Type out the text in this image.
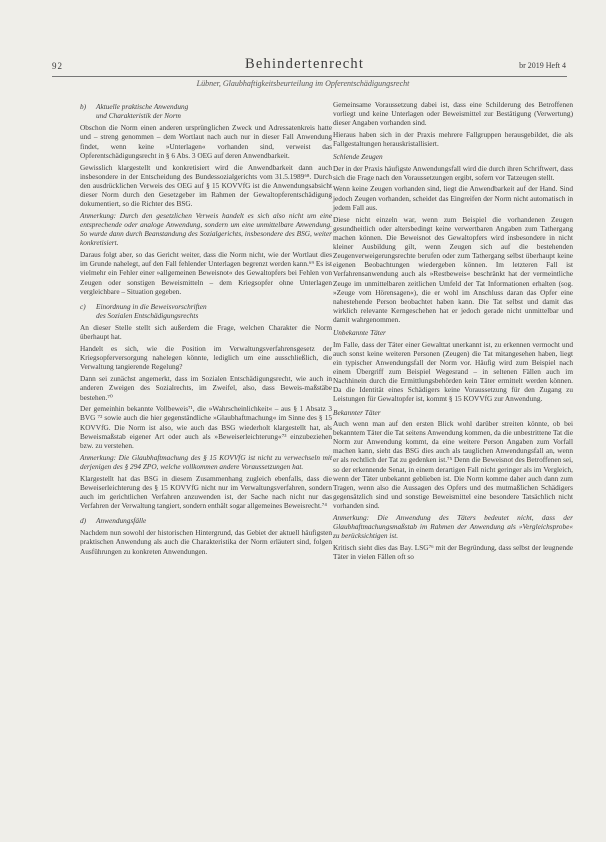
92	Behindertenrecht	br 2019 Heft 4
Lübner, Glaubhaftigkeitsbeurteilung im Opferentschädigungsrecht
b) Aktuelle praktische Anwendung
und Charakteristik der Norm

Obschon die Norm einen anderen ursprünglichen Zweck und Adressatenkreis hatte und – streng genommen – dem Wortlaut nach auch nur in dieser Fall Anwendung findet, wenn keine »Unterlagen« vorhanden sind, verweist das Opferentschädigungsrecht in § 6 Abs. 3 OEG auf deren Anwendbarkeit.

Gewisslich klargestellt und konkretisiert wird die Anwendbarkeit dann auch insbesondere in der Entscheidung des Bundessozialgerichts vom 31.5.1989⁶⁸. Durch den ausdrücklichen Verweis des OEG auf § 15 KOVVfG ist die Anwendungsabsicht dieser Norm durch den Gesetzgeber im Rahmen der Gewaltopferentschädigung dokumentiert, so die Richter des BSG.

Anmerkung: Durch den gesetzlichen Verweis handelt es sich also nicht um eine entsprechende oder analoge Anwendung, sondern um eine unmittelbare Anwendung. So wurde dann durch Beanstandung des Sozialgerichts, insbesondere des BSG, weiter konkretisiert.

Daraus folgt aber, so das Gericht weiter, dass die Norm nicht, wie der Wortlaut dies im Grunde nahelegt, auf den Fall fehlender Unterlagen begrenzt werden kann.⁶⁹ Es ist vielmehr ein Fehler einer »allgemeinen Beweisnot« des Gewaltopfers bei Fehlen von Zeugen oder sonstigen Beweismitteln – dem Kriegsopfer ohne Unterlagen vergleichbare – Situation gegeben.

c) Einordnung in die Beweisvorschriften
des Sozialen Entschädigungsrechts

An dieser Stelle stellt sich außerdem die Frage, welchen Charakter die Norm überhaupt hat.

Handelt es sich, wie die Position im Verwaltungsverfahrensgesetz der Kriegsopferversorgung nahelegen könnte, lediglich um eine ausschließlich, die Verwaltung tangierende Regelung?

Dann sei zunächst angemerkt, dass im Sozialen Entschädigungsrecht, wie auch in anderen Zweigen des Sozialrechts, im Zweifel, also, dass Beweis-maßstäbe bestehen.⁷⁰

Der gemeinhin bekannte Vollbeweis⁷¹, die »Wahrscheinlichkeit« – aus § 1 Absatz 3 BVG ⁷² sowie auch die hier gegenständliche »Glaubhaftmachung« im Sinne des § 15 KOVVfG. Die Norm ist also, wie auch das BSG wiederholt klargestellt hat, als Beweismaßstab eigener Art oder auch als »Beweiserleichterung«⁷³ einzubeziehen bzw. zu verstehen.

Anmerkung: Die Glaubhaftmachung des § 15 KOVVfG ist nicht zu verwechseln mit derjenigen des § 294 ZPO, welche vollkommen andere Voraussetzungen hat.

Klargestellt hat das BSG in diesem Zusammenhang zugleich ebenfalls, dass die Beweiserleichterung des § 15 KOVVfG nicht nur im Verwaltungsverfahren, sondern auch im gerichtlichen Verfahren anzuwenden ist, der Sache nach nicht nur das Verfahren der Verwaltung tangiert, sondern enthält sogar allgemeines Beweisrecht.⁷⁴

d) Anwendungsfälle

Nachdem nun sowohl der historischen Hintergrund, das Gebiet der aktuell häufigsten praktischen Anwendung als auch die Charakteristika der Norm erläutert sind, folgen Ausführungen zu konkreten Anwendungen.

Gemeinsame Voraussetzung dabei ist, dass eine Schilderung des Betroffenen vorliegt und keine Unterlagen oder Beweismittel zur Bestätigung (Verwertung) dieser Angaben vorhanden sind.

Hieraus haben sich in der Praxis mehrere Fallgruppen herausgebildet, die als Fallgestaltungen herauskristallisiert.

Schlende Zeugen

Der in der Praxis häufigste Anwendungsfall wird die durch ihren Schriftwert, dass sich die Frage nach den Voraussetzungen ergibt, sofern vor Tatzeugen stellt.

Wenn keine Zeugen vorhanden sind, liegt die Anwendbarkeit auf der Hand. Sind jedoch Zeugen vorhanden, scheidet das Eingreifen der Norm nicht automatisch in jedem Fall aus.

Diese nicht einzeln war, wenn zum Beispiel die vorhandenen Zeugen gesundheitlich oder altersbedingt keine verwertbaren Angaben zum Tathergang machen können. Die Beweisnot des Gewaltopfers wird insbesondere in nicht kleiner Ausbildung gilt, wenn Zeugen sich auf die bestehenden Zeugenverweigerungsrechte berufen oder zum Tathergang selbst überhaupt keine eigenen Beobachtungen wiedergeben können. Im letzteren Fall ist Verfahrensanwendung auch als »Restbeweis« beschränkt hat der vermeintliche Zeuge im unmittelbaren zeitlichen Umfeld der Tat Informationen erhalten (sog. »Zeuge vom Hörensagen«), die er wohl im Anschluss daran das Opfer eine nahestehende Person beobachtet haben kann. Die Tat selbst und damit das wirklich relevante Kerngeschehen hat er jedoch gerade nicht unmittelbar und damit wahrgenommen.

Unbekannte Täter

Im Falle, dass der Täter einer Gewalttat unerkannt ist, zu erkennen vermocht und auch sonst keine weiteren Personen (Zeugen) die Tat mitangesehen haben, liegt ein typischer Anwendungsfall der Norm vor. Häufig wird zum Beispiel nach einem Übergriff zum Beispiel Wegesrand – in seltenen Fällen auch im Nachhinein durch die Ermittlungsbehörden kein Täter ermittelt werden können. Da die Identität eines Schädigers keine Voraussetzung für den Zugang zu Leistungen für Gewaltopfer ist, kommt § 15 KOVVfG zur Anwendung.

Bekannter Täter

Auch wenn man auf den ersten Blick wohl darüber streiten könnte, ob bei bekanntem Täter die Tat seitens Anwendung kommen, da die unbestrittene Tat die Norm zur Anwendung kommt, da eine weitere Person Angaben zum Vorfall machen kann, sieht das BSG dies auch als tauglichen Anwendungsfall an, wenn er als rechtlich der Tat zu gedenken ist.⁷⁵ Denn die Beweisnot des Betroffenen sei, so der erkennende Senat, in einem derartigen Fall nicht geringer als im Vergleich, wenn der Täter unbekannt geblieben ist. Die Norm komme daher auch dann zum Tragen, wenn also die Aussagen des Opfers und des mutmaßlichen Schädigers gegensätzlich sind und sonstige Beweismittel eine besondere Tatsächlich nicht vorhanden sind.

Anmerkung: Die Anwendung des Täters bedeutet nicht, dass der Glaubhaftmachungsmaßstab im Rahmen der Anwendung als »Vergleichsprobe« zu berücksichtigen ist.

Kritisch sieht dies das Bay. LSG⁷⁶ mit der Begründung, dass selbst der leugnende Täter in vielen Fällen oft so
